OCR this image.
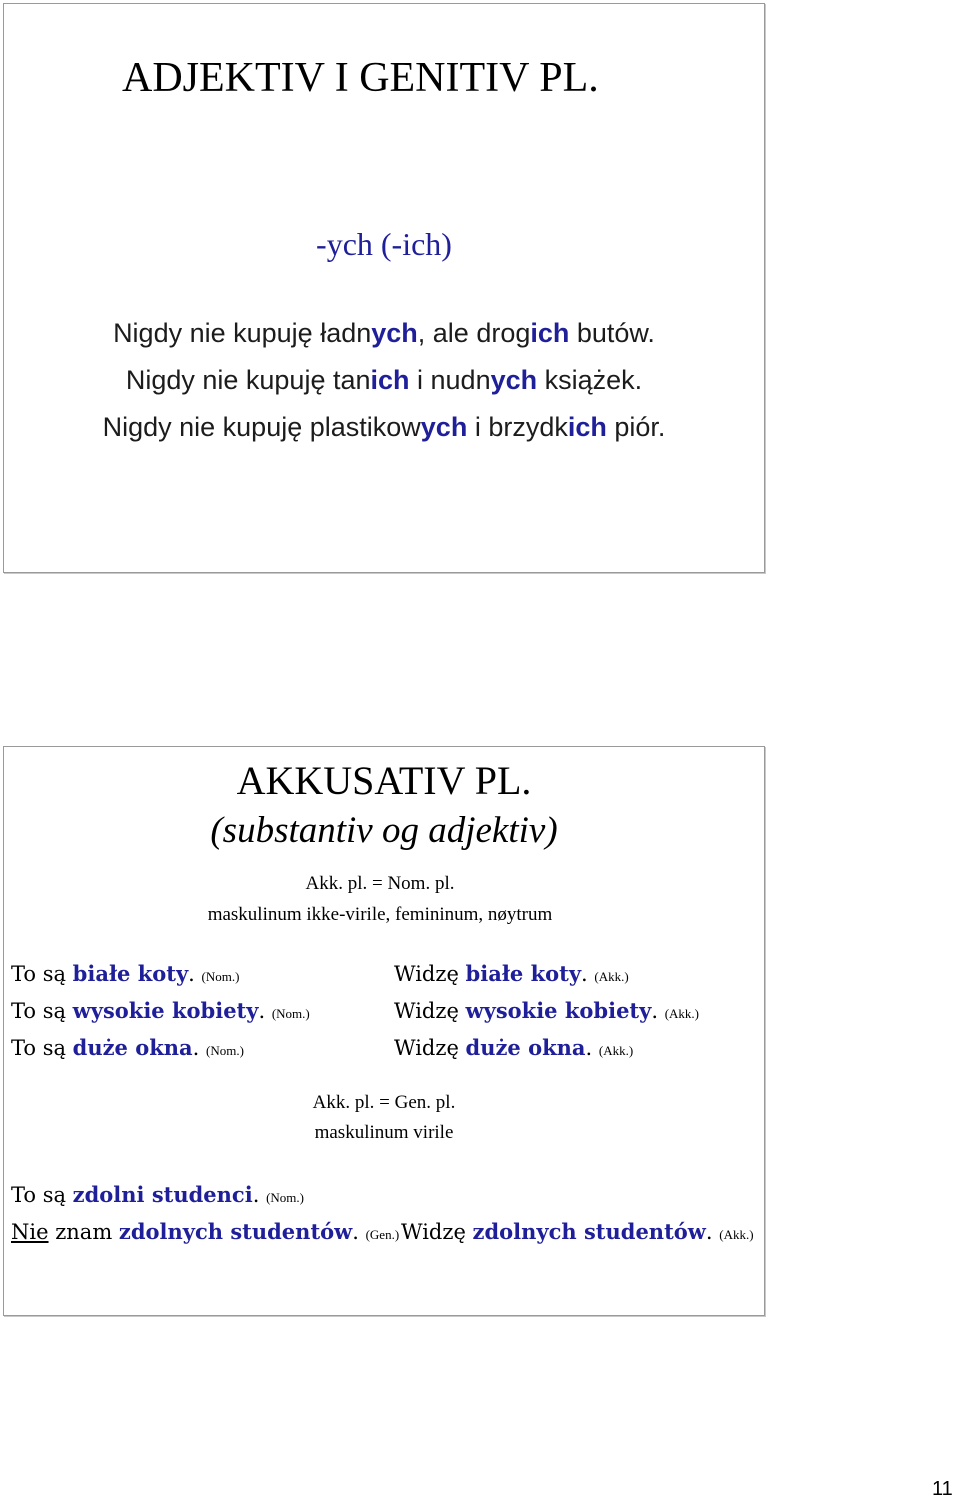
ADJEKTIV I GENITIV PL.
-ych (-ich)
Nigdy nie kupuję ładnych, ale drogich butów.
Nigdy nie kupuję tanich i nudnych książek.
Nigdy nie kupuję plastikowych i brzydkich piór.
AKKUSATIV PL.
(substantiv og adjektiv)
Akk. pl. = Nom. pl.
maskulinum ikke-virile, femininum, nøytrum
To są białe koty. (Nom.)
To są wysokie kobiety. (Nom.)
To są duże okna. (Nom.)
Widzę białe koty. (Akk.)
Widzę wysokie kobiety. (Akk.)
Widzę duże okna. (Akk.)
Akk. pl. = Gen. pl.
maskulinum virile
To są zdolni studenci. (Nom.)
Nie znam zdolnych studentów. (Gen.) Widzę zdolnych studentów. (Akk.)
11
